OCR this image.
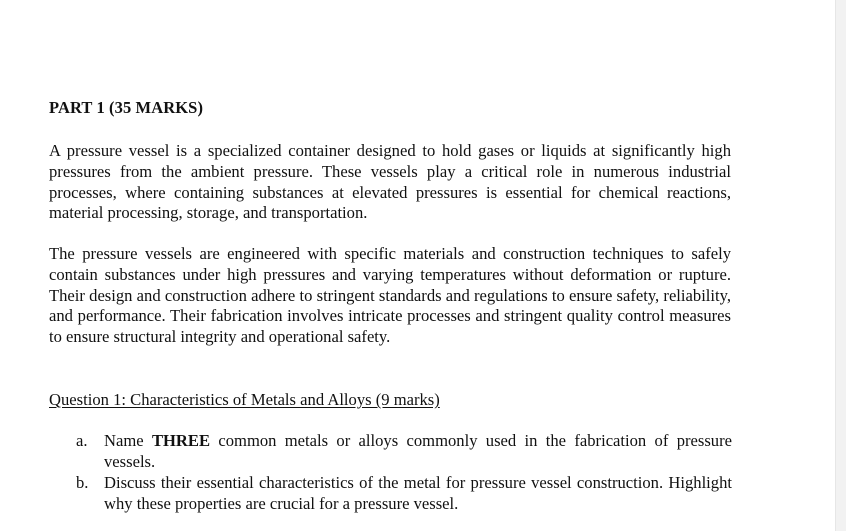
PART 1 (35 MARKS)
A pressure vessel is a specialized container designed to hold gases or liquids at significantly high pressures from the ambient pressure. These vessels play a critical role in numerous industrial processes, where containing substances at elevated pressures is essential for chemical reactions, material processing, storage, and transportation.
The pressure vessels are engineered with specific materials and construction techniques to safely contain substances under high pressures and varying temperatures without deformation or rupture. Their design and construction adhere to stringent standards and regulations to ensure safety, reliability, and performance. Their fabrication involves intricate processes and stringent quality control measures to ensure structural integrity and operational safety.
Question 1: Characteristics of Metals and Alloys (9 marks)
a. Name THREE common metals or alloys commonly used in the fabrication of pressure vessels.
b. Discuss their essential characteristics of the metal for pressure vessel construction. Highlight why these properties are crucial for a pressure vessel.
